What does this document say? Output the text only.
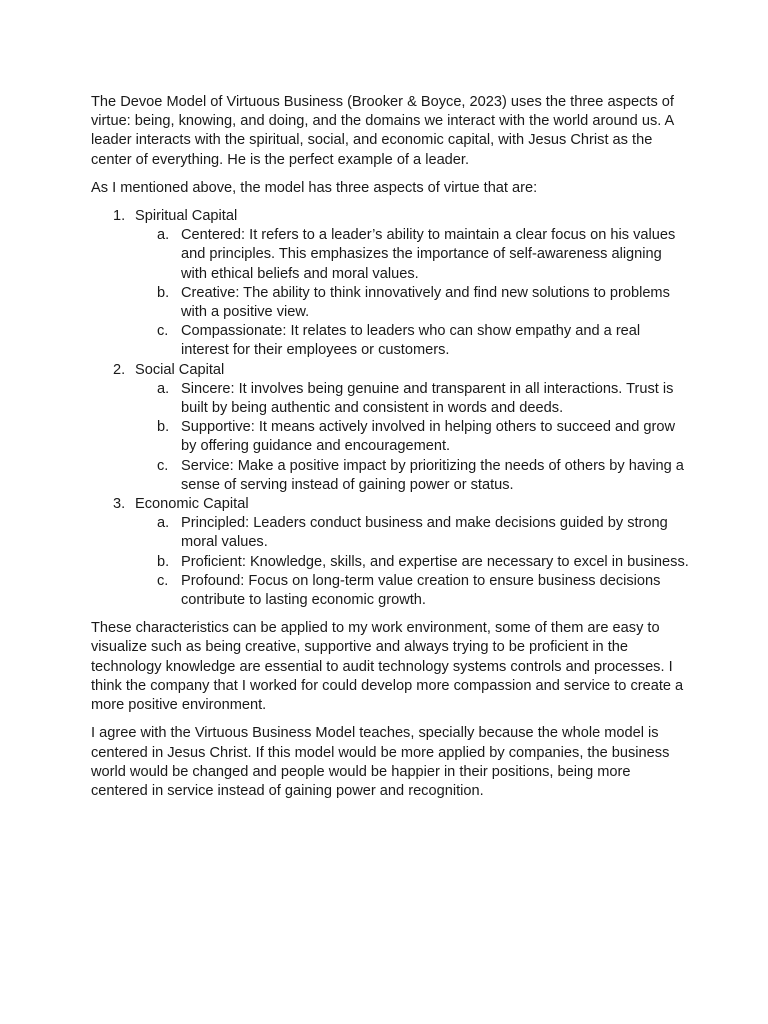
The Devoe Model of Virtuous Business (Brooker & Boyce, 2023) uses the three aspects of virtue: being, knowing, and doing, and the domains we interact with the world around us. A leader interacts with the spiritual, social, and economic capital, with Jesus Christ as the center of everything. He is the perfect example of a leader.

As I mentioned above, the model has three aspects of virtue that are:

1. Spiritual Capital
a. Centered: It refers to a leader’s ability to maintain a clear focus on his values and principles. This emphasizes the importance of self-awareness aligning with ethical beliefs and moral values.
b. Creative: The ability to think innovatively and find new solutions to problems with a positive view.
c. Compassionate: It relates to leaders who can show empathy and a real interest for their employees or customers.
2. Social Capital
a. Sincere: It involves being genuine and transparent in all interactions. Trust is built by being authentic and consistent in words and deeds.
b. Supportive: It means actively involved in helping others to succeed and grow by offering guidance and encouragement.
c. Service: Make a positive impact by prioritizing the needs of others by having a sense of serving instead of gaining power or status.
3. Economic Capital
a. Principled: Leaders conduct business and make decisions guided by strong moral values.
b. Proficient: Knowledge, skills, and expertise are necessary to excel in business.
c. Profound: Focus on long-term value creation to ensure business decisions contribute to lasting economic growth.

These characteristics can be applied to my work environment, some of them are easy to visualize such as being creative, supportive and always trying to be proficient in the technology knowledge are essential to audit technology systems controls and processes. I think the company that I worked for could develop more compassion and service to create a more positive environment.

I agree with the Virtuous Business Model teaches, specially because the whole model is centered in Jesus Christ. If this model would be more applied by companies, the business world would be changed and people would be happier in their positions, being more centered in service instead of gaining power and recognition.
